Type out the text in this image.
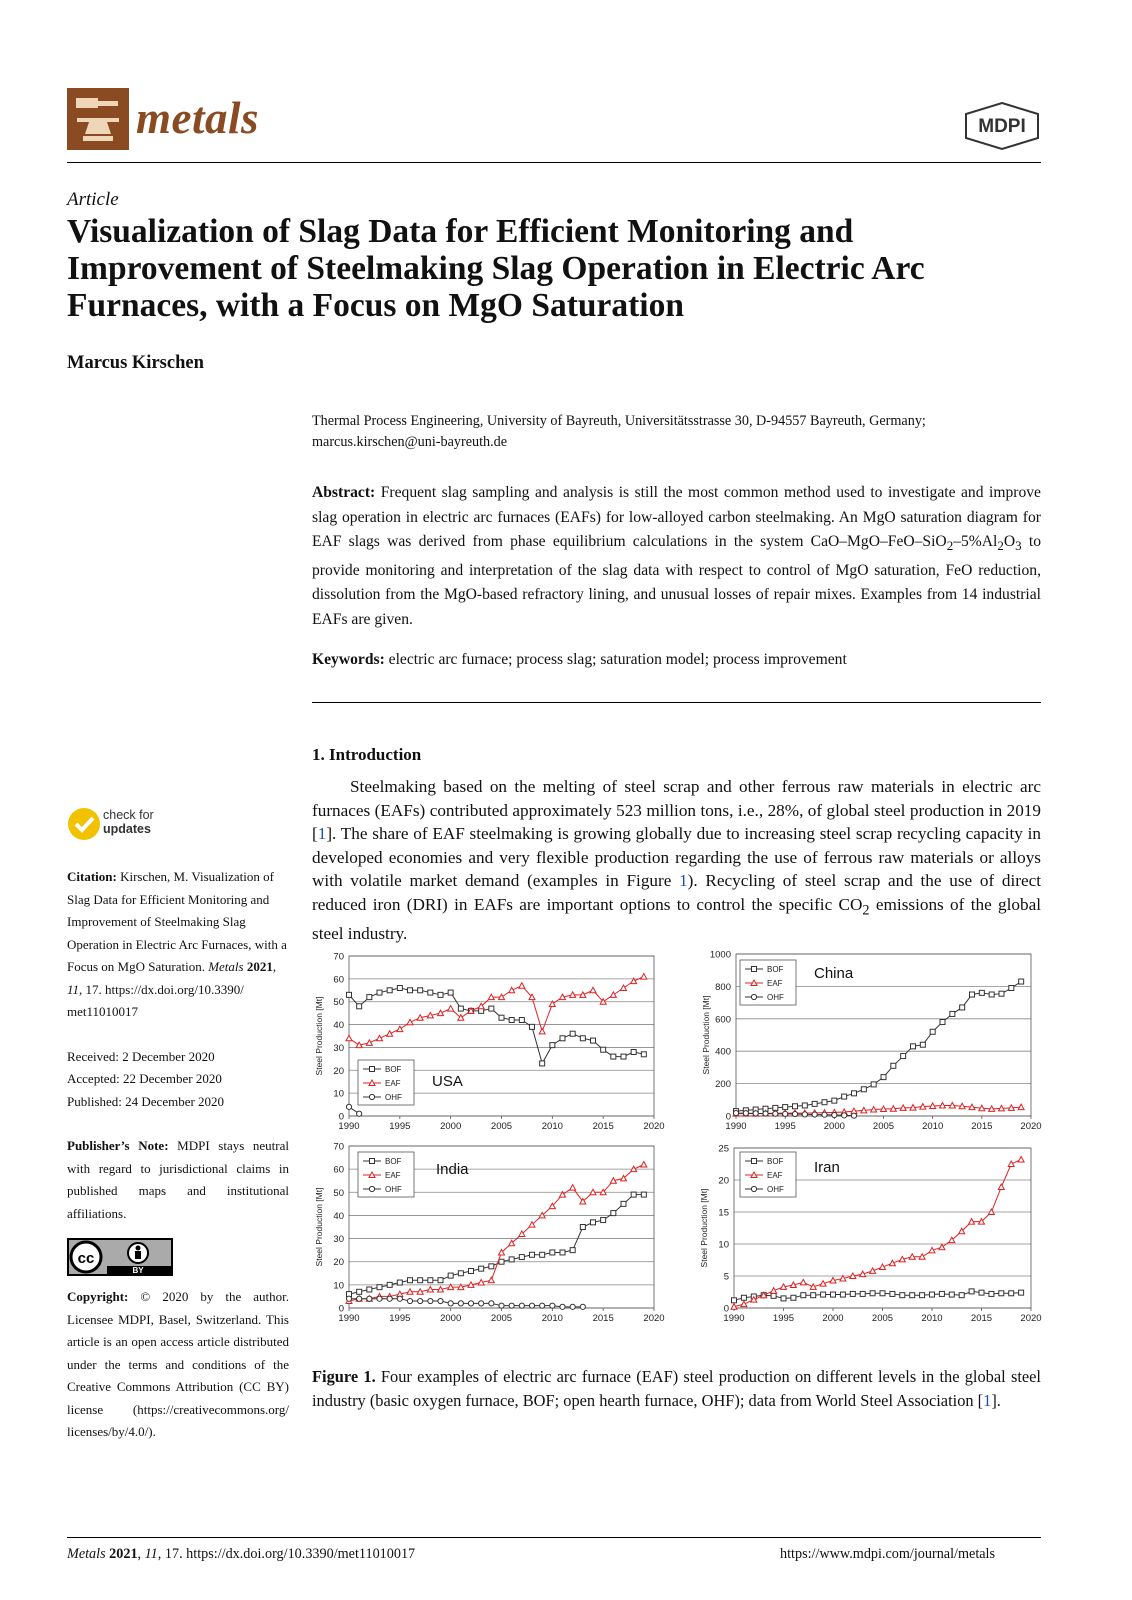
metals	MDPI
Article
Visualization of Slag Data for Efficient Monitoring and Improvement of Steelmaking Slag Operation in Electric Arc Furnaces, with a Focus on MgO Saturation
Marcus Kirschen
Thermal Process Engineering, University of Bayreuth, Universitätsstrasse 30, D-94557 Bayreuth, Germany;
marcus.kirschen@uni-bayreuth.de
Abstract: Frequent slag sampling and analysis is still the most common method used to investigate and improve slag operation in electric arc furnaces (EAFs) for low-alloyed carbon steelmaking. An MgO saturation diagram for EAF slags was derived from phase equilibrium calculations in the system CaO–$MgO-FeO-SiO_2-5\%Al_2O_3$ to provide monitoring and interpretation of the slag data with respect to control of MgO saturation, FeO reduction, dissolution from the MgO-based refractory lining, and unusual losses of repair mixes. Examples from 14 industrial EAFs are given.
Keywords: electric arc furnace; process slag; saturation model; process improvement
1. Introduction
Steelmaking based on the melting of steel scrap and other ferrous raw materials in electric arc furnaces (EAFs) contributed approximately 523 million tons, i.e., 28%, of global steel production in 2019 [1]. The share of EAF steelmaking is growing globally due to increasing steel scrap recycling capacity in developed economies and very flexible production regarding the use of ferrous raw materials or alloys with volatile market demand (examples in Figure 1). Recycling of steel scrap and the use of direct reduced iron (DRI) in EAFs are important options to control the specific $CO_2$ emissions of the global steel industry.
check for
updates

Citation: Kirschen, M. Visualization of Slag Data for Efficient Monitoring and Improvement of Steelmaking Slag Operation in Electric Arc Furnaces, with a Focus on MgO Saturation. Metals 2021, 11, 17. https://dx.doi.org/10.3390/ met11010017

Received: 2 December 2020
Accepted: 22 December 2020
Published: 24 December 2020

Publisher’s Note: MDPI stays neutral with regard to jurisdictional claims in published maps and institutional affiliations.

cc
BY

Copyright: © 2020 by the author. Licensee MDPI, Basel, Switzerland. This article is an open access article distributed under the terms and conditions of the Creative Commons Attribution (CC BY) license (https://creativecommons.org/ licenses/by/4.0/).

0
10
20
30
40
50
60
70
1990	1995	2000	2005	2010	2015	2020
Steel Production [Mt]	BOF
EAF
OHF
USA
0
200
400
600
800
1000
1990	1995	2000	2005	2010	2015	2020
Steel Production [Mt]
BOF
EAF
OHF
China
0
10
20
30
40
50
60
70
1990	1995	2000	2005	2010	2015	2020
Steel Production [Mt]
BOF
EAF
OHF
India
0
5
10
15
20
25
1990	1995	2000	2005	2010	2015	2020
Steel Production [Mt]
BOF
EAF
OHF
Iran
Figure 1. Four examples of electric arc furnace (EAF) steel production on different levels in the global steel industry (basic oxygen furnace, BOF; open hearth furnace, OHF); data from World Steel Association [1].
Metals 2021, 11, 17. https://dx.doi.org/10.3390/met11010017	https://www.mdpi.com/journal/metals
